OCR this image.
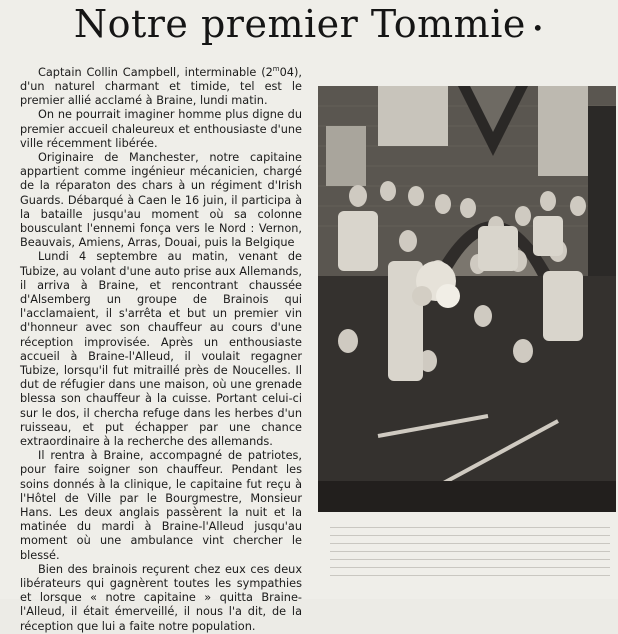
Notre premier Tommie •

Captain Collin Campbell, interminable (2$^m$04), d'un naturel charmant et timide, tel est le premier allié acclamé à Braine, lundi matin.

On ne pourrait imaginer homme plus digne du premier accueil chaleureux et enthousiaste d'une ville récemment libérée.

Originaire de Manchester, notre capitaine appartient comme ingénieur mécanicien, chargé de la réparaton des chars à un régiment d'Irish Guards. Débarqué à Caen le 16 juin, il participa à la bataille jusqu'au moment où sa colonne bousculant l'ennemi fonça vers le Nord : Vernon, Beauvais, Amiens, Arras, Douai, puis la Belgique

Lundi 4 septembre au matin, venant de Tubize, au volant d'une auto prise aux Allemands, il arriva à Braine, et rencontrant chaussée d'Alsemberg un groupe de Brainois qui l'acclamaient, il s'arrêta et but un premier vin d'honneur avec son chauffeur au cours d'une réception improvisée. Après un enthousiaste accueil à Braine-l'Alleud, il voulait regagner Tubize, lorsqu'il fut mitraillé près de Noucelles. Il dut de réfugier dans une maison, où une grenade blessa son chauffeur à la cuisse. Portant celui-ci sur le dos, il chercha refuge dans les herbes d'un ruisseau, et put échapper par une chance extraordinaire à la recherche des allemands.

Il rentra à Braine, accompagné de patriotes, pour faire soigner son chauffeur. Pendant les soins donnés à la clinique, le capitaine fut reçu à l'Hôtel de Ville par le Bourgmestre, Monsieur Hans. Les deux anglais passèrent la nuit et la matinée du mardi à Braine-l'Alleud jusqu'au moment où une ambulance vint chercher le blessé.

Bien des brainois reçurent chez eux ces deux libérateurs qui gagnèrent toutes les sympathies et lorsque « notre capitaine » quitta Braine-l'Alleud, il était émerveillé, il nous l'a dit, de la réception que lui a faite notre population.
